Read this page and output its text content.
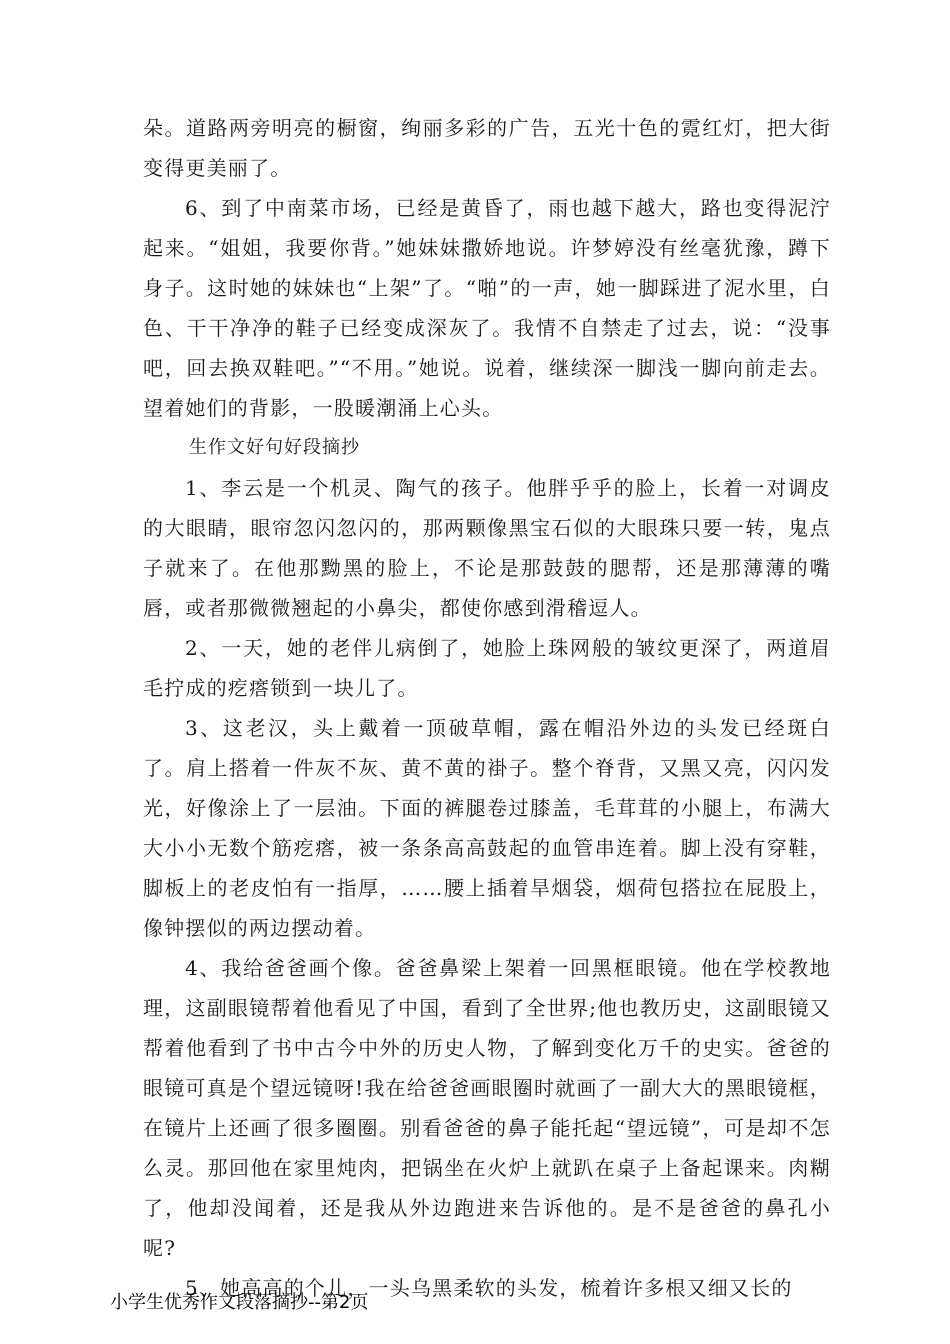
朵。道路两旁明亮的橱窗，绚丽多彩的广告，五光十色的霓红灯，把大街变得更美丽了。

6、到了中南菜市场，已经是黄昏了，雨也越下越大，路也变得泥泞起来。“姐姐，我要你背。”她妹妹撒娇地说。许梦婷没有丝毫犹豫，蹲下身子。这时她的妹妹也“上架”了。“啪”的一声，她一脚踩进了泥水里，白色、干干净净的鞋子已经变成深灰了。我情不自禁走了过去，说：“没事吧，回去换双鞋吧。”“不用。”她说。说着，继续深一脚浅一脚向前走去。望着她们的背影，一股暖潮涌上心头。

生作文好句好段摘抄

1、李云是一个机灵、陶气的孩子。他胖乎乎的脸上，长着一对调皮的大眼睛，眼帘忽闪忽闪的，那两颗像黑宝石似的大眼珠只要一转，鬼点子就来了。在他那黝黑的脸上，不论是那鼓鼓的腮帮，还是那薄薄的嘴唇，或者那微微翘起的小鼻尖，都使你感到滑稽逗人。

2、一天，她的老伴儿病倒了，她脸上珠网般的皱纹更深了，两道眉毛拧成的疙瘩锁到一块儿了。

3、这老汉，头上戴着一顶破草帽，露在帽沿外边的头发已经斑白了。肩上搭着一件灰不灰、黄不黄的褂子。整个脊背，又黑又亮，闪闪发光，好像涂上了一层油。下面的裤腿卷过膝盖，毛茸茸的小腿上，布满大大小小无数个筋疙瘩，被一条条高高鼓起的血管串连着。脚上没有穿鞋，脚板上的老皮怕有一指厚，……腰上插着旱烟袋，烟荷包搭拉在屁股上，像钟摆似的两边摆动着。

4、我给爸爸画个像。爸爸鼻梁上架着一回黑框眼镜。他在学校教地理，这副眼镜帮着他看见了中国，看到了全世界;他也教历史，这副眼镜又帮着他看到了书中古今中外的历史人物，了解到变化万千的史实。爸爸的眼镜可真是个望远镜呀!我在给爸爸画眼圈时就画了一副大大的黑眼镜框，在镜片上还画了很多圈圈。别看爸爸的鼻子能托起“望远镜”，可是却不怎么灵。那回他在家里炖肉，把锅坐在火炉上就趴在桌子上备起课来。肉糊了，他却没闻着，还是我从外边跑进来告诉他的。是不是爸爸的鼻孔小呢?

5、她高高的个儿，一头乌黑柔软的头发，梳着许多根又细又长的

小学生优秀作文段落摘抄--第2页
